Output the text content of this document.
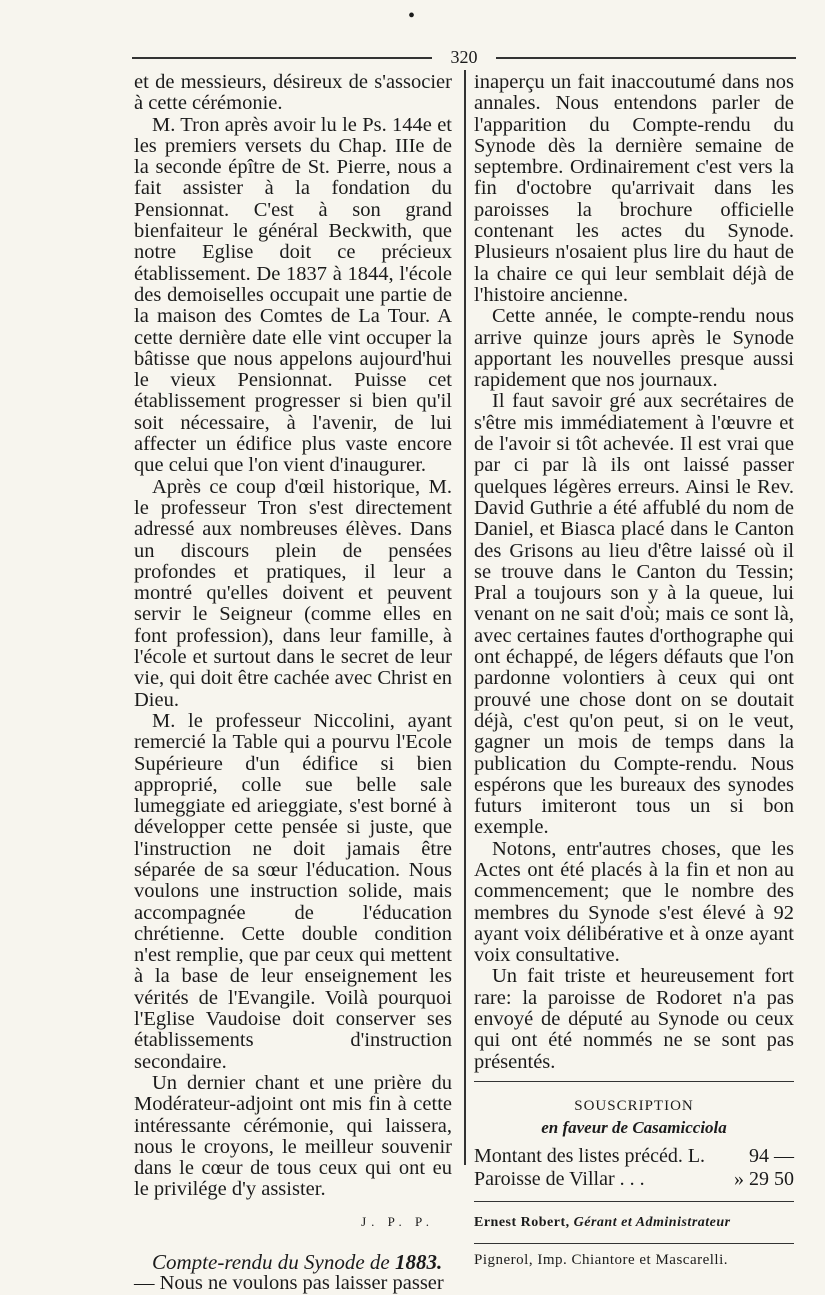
•
320

et de messieurs, désireux de s'associer à cette cérémonie.

M. Tron après avoir lu le Ps. 144e et les premiers versets du Chap. IIIe de la seconde épître de St. Pierre, nous a fait assister à la fondation du Pensionnat. C'est à son grand bienfaiteur le général Beckwith, que notre Eglise doit ce précieux établissement. De 1837 à 1844, l'école des demoiselles occupait une partie de la maison des Comtes de La Tour. A cette dernière date elle vint occuper la bâtisse que nous appelons aujourd'hui le vieux Pensionnat. Puisse cet établissement progresser si bien qu'il soit nécessaire, à l'avenir, de lui affecter un édifice plus vaste encore que celui que l'on vient d'inaugurer.

Après ce coup d'œil historique, M. le professeur Tron s'est directement adressé aux nombreuses élèves. Dans un discours plein de pensées profondes et pratiques, il leur a montré qu'elles doivent et peuvent servir le Seigneur (comme elles en font profession), dans leur famille, à l'école et surtout dans le secret de leur vie, qui doit être cachée avec Christ en Dieu.

M. le professeur Niccolini, ayant remercié la Table qui a pourvu l'Ecole Supérieure d'un édifice si bien approprié, colle sue belle sale lumeggiate ed arieggiate, s'est borné à développer cette pensée si juste, que l'instruction ne doit jamais être séparée de sa sœur l'éducation. Nous voulons une instruction solide, mais accompagnée de l'éducation chrétienne. Cette double condition n'est remplie, que par ceux qui mettent à la base de leur enseignement les vérités de l'Evangile. Voilà pourquoi l'Eglise Vaudoise doit conserver ses établissements d'instruction secondaire.

Un dernier chant et une prière du Modérateur-adjoint ont mis fin à cette intéressante cérémonie, qui laissera, nous le croyons, le meilleur souvenir dans le cœur de tous ceux qui ont eu le privilége d'y assister.

J. P. P.

Compte-rendu du Synode de 1883.

— Nous ne voulons pas laisser passer

inaperçu un fait inaccoutumé dans nos annales. Nous entendons parler de l'apparition du Compte-rendu du Synode dès la dernière semaine de septembre. Ordinairement c'est vers la fin d'octobre qu'arrivait dans les paroisses la brochure officielle contenant les actes du Synode. Plusieurs n'osaient plus lire du haut de la chaire ce qui leur semblait déjà de l'histoire ancienne.

Cette année, le compte-rendu nous arrive quinze jours après le Synode apportant les nouvelles presque aussi rapidement que nos journaux.

Il faut savoir gré aux secrétaires de s'être mis immédiatement à l'œuvre et de l'avoir si tôt achevée. Il est vrai que par ci par là ils ont laissé passer quelques légères erreurs. Ainsi le Rev. David Guthrie a été affublé du nom de Daniel, et Biasca placé dans le Canton des Grisons au lieu d'être laissé où il se trouve dans le Canton du Tessin; Pral a toujours son y à la queue, lui venant on ne sait d'où; mais ce sont là, avec certaines fautes d'orthographe qui ont échappé, de légers défauts que l'on pardonne volontiers à ceux qui ont prouvé une chose dont on se doutait déjà, c'est qu'on peut, si on le veut, gagner un mois de temps dans la publication du Compte-rendu. Nous espérons que les bureaux des synodes futurs imiteront tous un si bon exemple.

Notons, entr'autres choses, que les Actes ont été placés à la fin et non au commencement; que le nombre des membres du Synode s'est élevé à 92 ayant voix délibérative et à onze ayant voix consultative.

Un fait triste et heureusement fort rare: la paroisse de Rodoret n'a pas envoyé de député au Synode ou ceux qui ont été nommés ne se sont pas présentés.

SOUSCRIPTION

en faveur de Casamicciola

Montant des listes précéd. L.	94 —
Paroisse de Villar . . .	» 29 50
Ernest Robert, Gérant et Administrateur
Pignerol, Imp. Chiantore et Mascarelli.
